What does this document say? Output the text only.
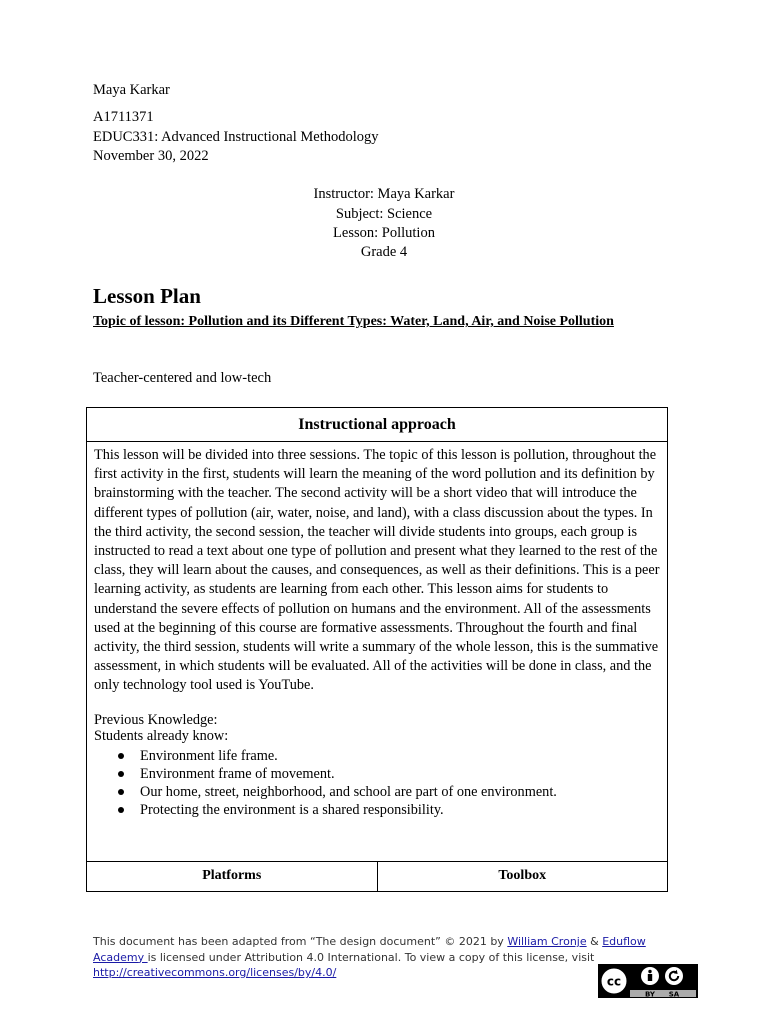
Maya Karkar
A1711371
EDUC331: Advanced Instructional Methodology
November 30, 2022
Instructor: Maya Karkar
Subject: Science
Lesson: Pollution
Grade 4
Lesson Plan
Topic of lesson: Pollution and its Different Types: Water, Land, Air, and Noise Pollution
Teacher-centered and low-tech
Instructional approach

This lesson will be divided into three sessions. The topic of this lesson is pollution, throughout the first activity in the first, students will learn the meaning of the word pollution and its definition by brainstorming with the teacher. The second activity will be a short video that will introduce the different types of pollution (air, water, noise, and land), with a class discussion about the types. In the third activity, the second session, the teacher will divide students into groups, each group is instructed to read a text about one type of pollution and present what they learned to the rest of the class, they will learn about the causes, and consequences, as well as their definitions. This is a peer learning activity, as students are learning from each other. This lesson aims for students to understand the severe effects of pollution on humans and the environment. All of the assessments used at the beginning of this course are formative assessments. Throughout the fourth and final activity, the third session, students will write a summary of the whole lesson, this is the summative assessment, in which students will be evaluated. All of the activities will be done in class, and the only technology tool used is YouTube.

Previous Knowledge:

Students already know:

Environment life frame.
Environment frame of movement.
Our home, street, neighborhood, and school are part of one environment.
Protecting the environment is a shared responsibility.
Platforms	Toolbox
This document has been adapted from “The design document” © 2021 by William Cronje & Eduflow Academy is licensed under Attribution 4.0 International. To view a copy of this license, visit http://creativecommons.org/licenses/by/4.0/
cc
BY SA
